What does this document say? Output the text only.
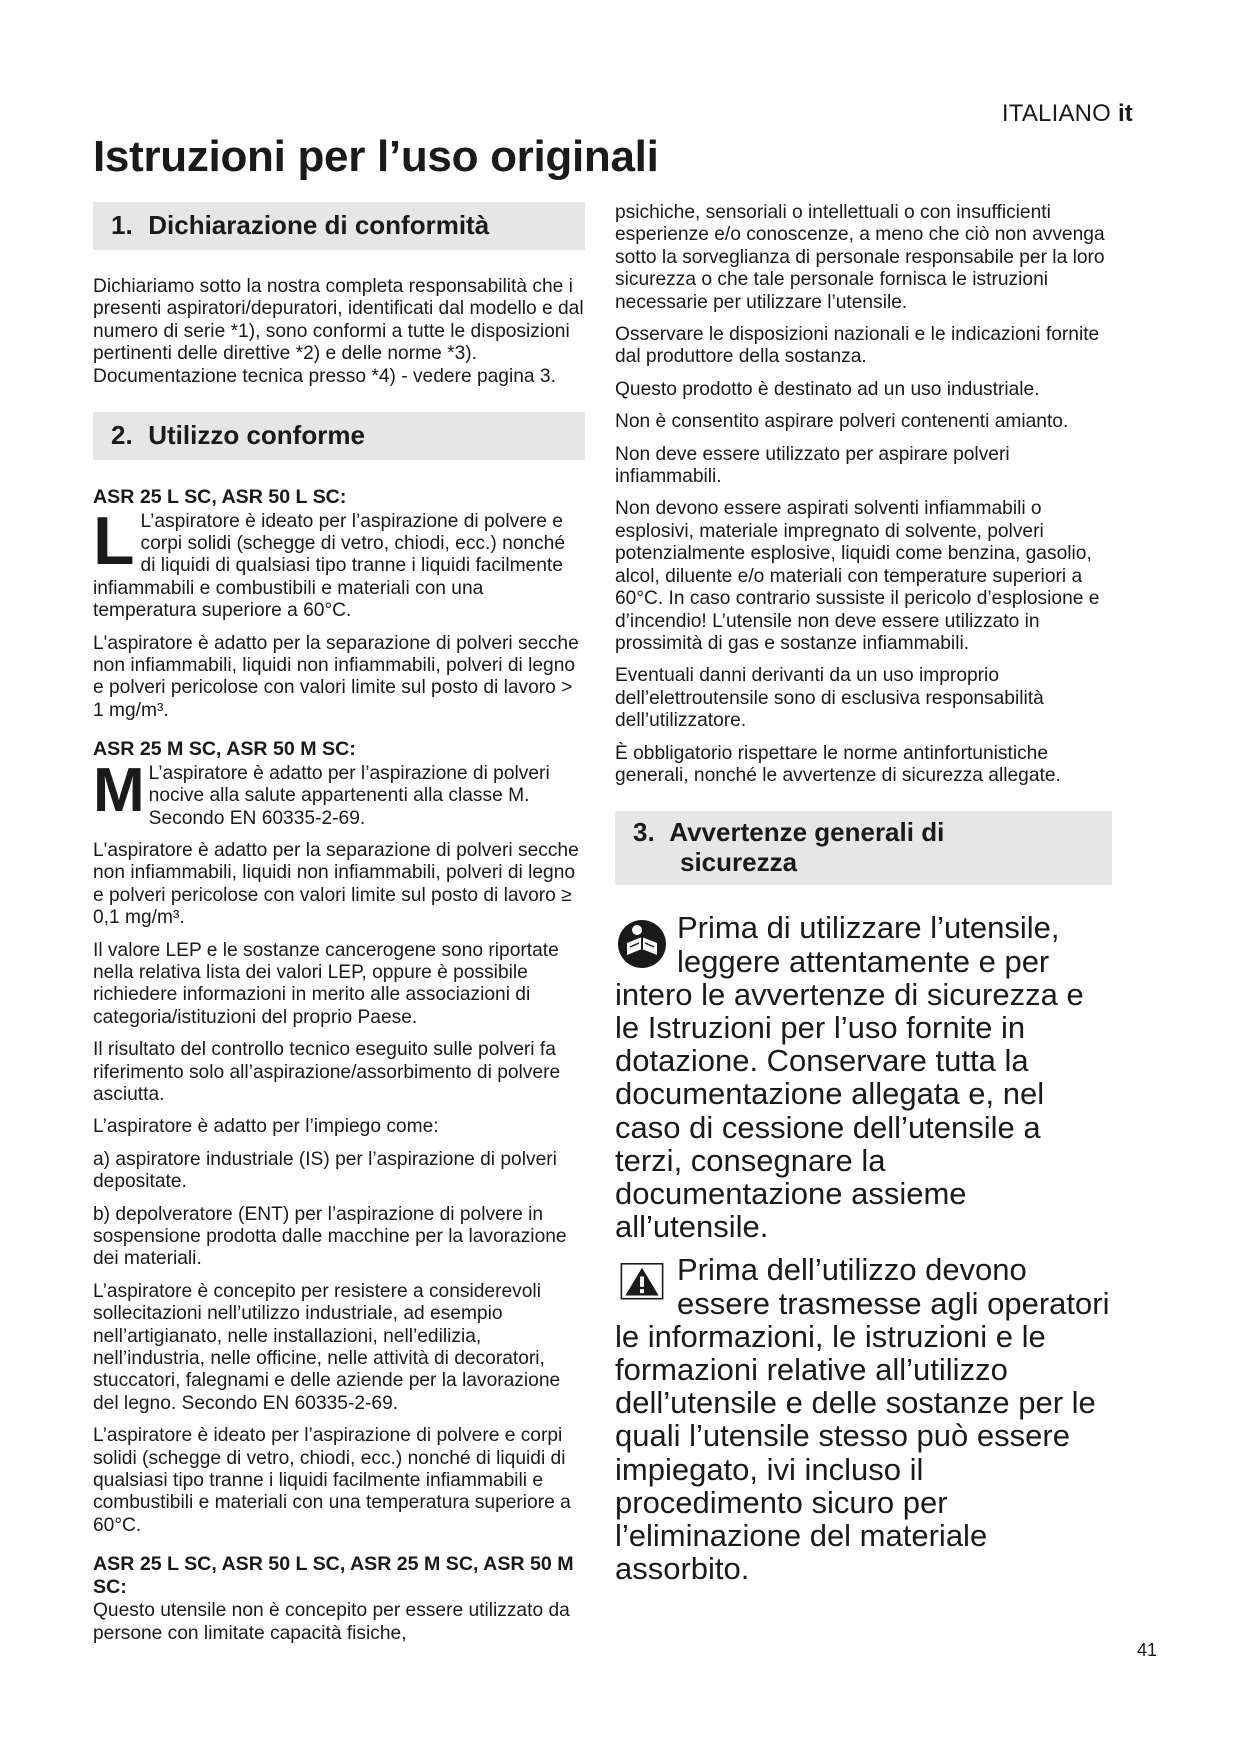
ITALIANO it
Istruzioni per l’uso originali
1. Dichiarazione di conformità

Dichiariamo sotto la nostra completa responsabilità che i presenti aspiratori/depuratori, identificati dal modello e dal numero di serie *1), sono conformi a tutte le disposizioni pertinenti delle direttive *2) e delle norme *3). Documentazione tecnica presso *4) - vedere pagina 3.

2. Utilizzo conforme
ASR 25 L SC, ASR 50 L SC:
L L’aspiratore è ideato per l’aspirazione di polvere e corpi solidi (schegge di vetro, chiodi, ecc.) nonché di liquidi di qualsiasi tipo tranne i liquidi facilmente infiammabili e combustibili e materiali con una temperatura superiore a 60°C.

L'aspiratore è adatto per la separazione di polveri secche non infiammabili, liquidi non infiammabili, polveri di legno e polveri pericolose con valori limite sul posto di lavoro > 1 mg/m³.

ASR 25 M SC, ASR 50 M SC:
M L’aspiratore è adatto per l’aspirazione di polveri nocive alla salute appartenenti alla classe M. Secondo EN 60335-2-69.

L'aspiratore è adatto per la separazione di polveri secche non infiammabili, liquidi non infiammabili, polveri di legno e polveri pericolose con valori limite sul posto di lavoro ≥ 0,1 mg/m³.

Il valore LEP e le sostanze cancerogene sono riportate nella relativa lista dei valori LEP, oppure è possibile richiedere informazioni in merito alle associazioni di categoria/istituzioni del proprio Paese.

Il risultato del controllo tecnico eseguito sulle polveri fa riferimento solo all’aspirazione/assorbimento di polvere asciutta.

L’aspiratore è adatto per l’impiego come:

a) aspiratore industriale (IS) per l’aspirazione di polveri depositate.

b) depolveratore (ENT) per l’aspirazione di polvere in sospensione prodotta dalle macchine per la lavorazione dei materiali.

L’aspiratore è concepito per resistere a considerevoli sollecitazioni nell’utilizzo industriale, ad esempio nell’artigianato, nelle installazioni, nell’edilizia, nell’industria, nelle officine, nelle attività di decoratori, stuccatori, falegnami e delle aziende per la lavorazione del legno. Secondo EN 60335-2-69.

L’aspiratore è ideato per l’aspirazione di polvere e corpi solidi (schegge di vetro, chiodi, ecc.) nonché di liquidi di qualsiasi tipo tranne i liquidi facilmente infiammabili e combustibili e materiali con una temperatura superiore a 60°C.

ASR 25 L SC, ASR 50 L SC, ASR 25 M SC, ASR 50 M SC:

Questo utensile non è concepito per essere utilizzato da persone con limitate capacità fisiche,

psichiche, sensoriali o intellettuali o con insufficienti esperienze e/o conoscenze, a meno che ciò non avvenga sotto la sorveglianza di personale responsabile per la loro sicurezza o che tale personale fornisca le istruzioni necessarie per utilizzare l’utensile.

Osservare le disposizioni nazionali e le indicazioni fornite dal produttore della sostanza.

Questo prodotto è destinato ad un uso industriale.

Non è consentito aspirare polveri contenenti amianto.

Non deve essere utilizzato per aspirare polveri infiammabili.

Non devono essere aspirati solventi infiammabili o esplosivi, materiale impregnato di solvente, polveri potenzialmente esplosive, liquidi come benzina, gasolio, alcol, diluente e/o materiali con temperature superiori a 60°C. In caso contrario sussiste il pericolo d’esplosione e d’incendio! L’utensile non deve essere utilizzato in prossimità di gas e sostanze infiammabili.

Eventuali danni derivanti da un uso improprio dell’elettroutensile sono di esclusiva responsabilità dell’utilizzatore.

È obbligatorio rispettare le norme antinfortunistiche generali, nonché le avvertenze di sicurezza allegate.

3. Avvertenze generali di
sicurezza

Prima di utilizzare l’utensile, leggere attentamente e per intero le avvertenze di sicurezza e le Istruzioni per l’uso fornite in dotazione. Conservare tutta la documentazione allegata e, nel caso di cessione dell’utensile a terzi, consegnare la documentazione assieme all’utensile.

Prima dell’utilizzo devono essere trasmesse agli operatori le informazioni, le istruzioni e le formazioni relative all’utilizzo dell’utensile e delle sostanze per le quali l’utensile stesso può essere impiegato, ivi incluso il procedimento sicuro per l’eliminazione del materiale assorbito.

41
